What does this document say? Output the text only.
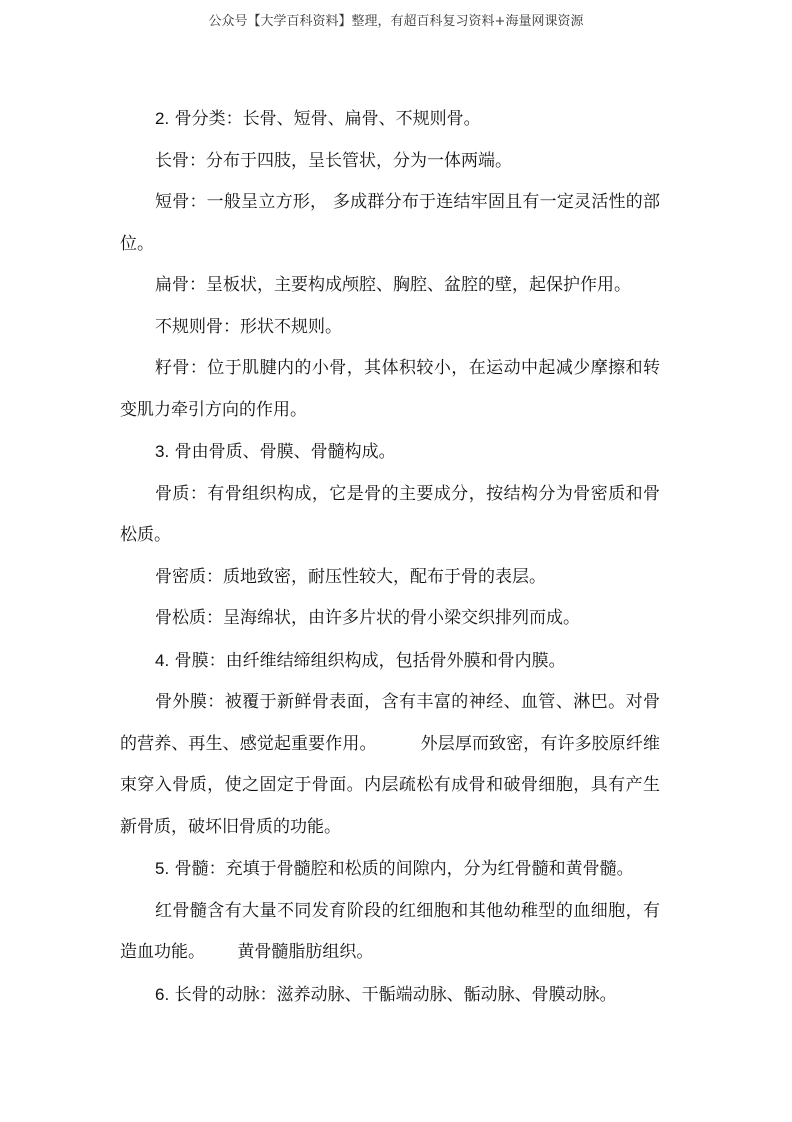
公众号【大学百科资料】整理，有超百科复习资料+海量网课资源

2. 骨分类：长骨、短骨、扁骨、不规则骨。

长骨：分布于四肢，呈长管状，分为一体两端。

短骨：一般呈立方形， 多成群分布于连结牢固且有一定灵活性的部位。

扁骨：呈板状，主要构成颅腔、胸腔、盆腔的壁，起保护作用。

不规则骨：形状不规则。

籽骨：位于肌腱内的小骨，其体积较小，在运动中起减少摩擦和转变肌力牵引方向的作用。

3. 骨由骨质、骨膜、骨髓构成。

骨质：有骨组织构成，它是骨的主要成分，按结构分为骨密质和骨松质。

骨密质：质地致密，耐压性较大，配布于骨的表层。

骨松质：呈海绵状，由许多片状的骨小梁交织排列而成。

4. 骨膜：由纤维结缔组织构成，包括骨外膜和骨内膜。

骨外膜：被覆于新鲜骨表面，含有丰富的神经、血管、淋巴。对骨的营养、再生、感觉起重要作用。        外层厚而致密，有许多胶原纤维束穿入骨质，使之固定于骨面。内层疏松有成骨和破骨细胞，具有产生新骨质，破坏旧骨质的功能。

5. 骨髓：充填于骨髓腔和松质的间隙内，分为红骨髓和黄骨髓。

红骨髓含有大量不同发育阶段的红细胞和其他幼稚型的血细胞，有造血功能。      黄骨髓脂肪组织。

6. 长骨的动脉：滋养动脉、干骺端动脉、骺动脉、骨膜动脉。
